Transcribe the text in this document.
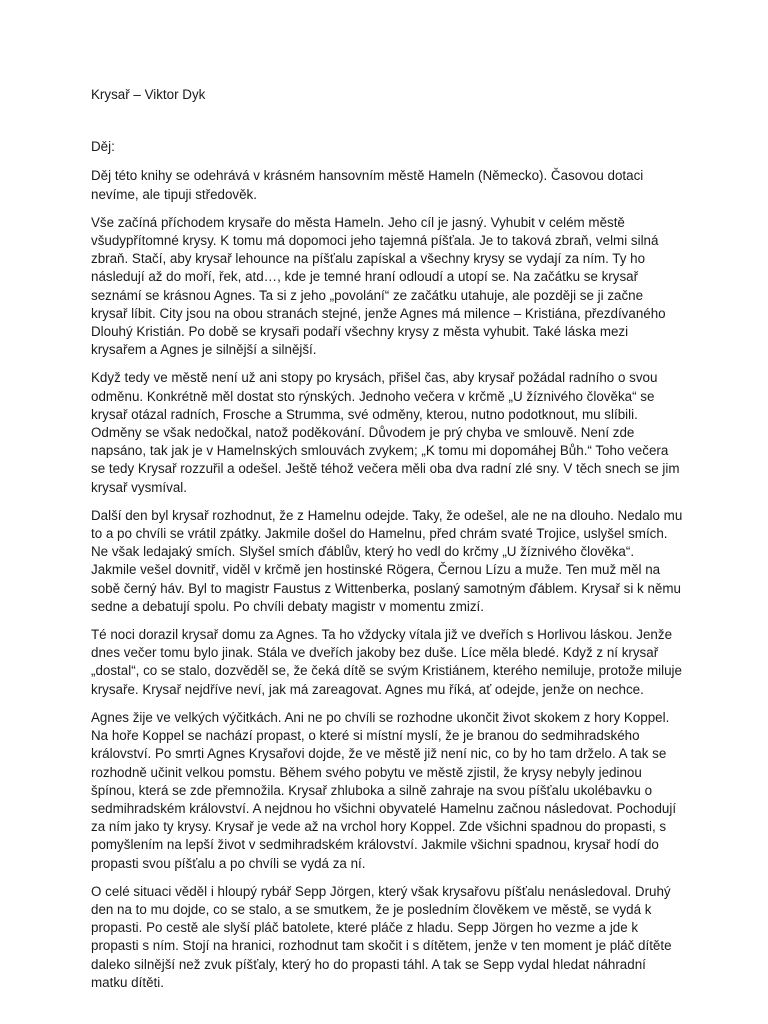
Krysař – Viktor Dyk

Děj:

Děj této knihy se odehrává v krásném hansovním městě Hameln (Německo). Časovou dotaci nevíme, ale tipuji středověk.

Vše začíná příchodem krysaře do města Hameln. Jeho cíl je jasný. Vyhubit v celém městě všudypřítomné krysy. K tomu má dopomoci jeho tajemná píšťala. Je to taková zbraň, velmi silná zbraň. Stačí, aby krysař lehounce na píšťalu zapískal a všechny krysy se vydají za ním. Ty ho následují až do moří, řek, atd…, kde je temné hraní odloudí a utopí se. Na začátku se krysař seznámí se krásnou Agnes. Ta si z jeho „povolání“ ze začátku utahuje, ale později se ji začne krysař líbit. City jsou na obou stranách stejné, jenže Agnes má milence – Kristiána, přezdívaného Dlouhý Kristián. Po době se krysaři podaří všechny krysy z města vyhubit. Také láska mezi krysařem a Agnes je silnější a silnější.

Když tedy ve městě není už ani stopy po krysách, přišel čas, aby krysař požádal radního o svou odměnu. Konkrétně měl dostat sto rýnských. Jednoho večera v krčmě „U žíznivého člověka“ se krysař otázal radních, Frosche a Strumma, své odměny, kterou, nutno podotknout, mu slíbili. Odměny se však nedočkal, natož poděkování. Důvodem je prý chyba ve smlouvě. Není zde napsáno, tak jak je v Hamelnských smlouvách zvykem; „K tomu mi dopomáhej Bůh.“ Toho večera se tedy Krysař rozzuřil a odešel. Ještě téhož večera měli oba dva radní zlé sny. V těch snech se jim krysař vysmíval.

Další den byl krysař rozhodnut, že z Hamelnu odejde. Taky, že odešel, ale ne na dlouho. Nedalo mu to a po chvíli se vrátil zpátky. Jakmile došel do Hamelnu, před chrám svaté Trojice, uslyšel smích. Ne však ledajaký smích. Slyšel smích ďáblův, který ho vedl do krčmy „U žíznivého člověka“. Jakmile vešel dovnitř, viděl v krčmě jen hostinské Rögera, Černou Lízu a muže. Ten muž měl na sobě černý háv. Byl to magistr Faustus z Wittenberka, poslaný samotným ďáblem. Krysař si k němu sedne a debatují spolu. Po chvíli debaty magistr v momentu zmizí.

Té noci dorazil krysař domu za Agnes. Ta ho vždycky vítala již ve dveřích s Horlivou láskou. Jenže dnes večer tomu bylo jinak. Stála ve dveřích jakoby bez duše. Líce měla bledé. Když z ní krysař „dostal“, co se stalo, dozvěděl se, že čeká dítě se svým Kristiánem, kterého nemiluje, protože miluje krysaře. Krysař nejdříve neví, jak má zareagovat. Agnes mu říká, ať odejde, jenže on nechce.

Agnes žije ve velkých výčitkách. Ani ne po chvíli se rozhodne ukončit život skokem z hory Koppel. Na hoře Koppel se nachází propast, o které si místní myslí, že je branou do sedmihradského království. Po smrti Agnes Krysařovi dojde, že ve městě již není nic, co by ho tam drželo. A tak se rozhodně učinit velkou pomstu. Během svého pobytu ve městě zjistil, že krysy nebyly jedinou špínou, která se zde přemnožila. Krysař zhluboka a silně zahraje na svou píšťalu ukolébavku o sedmihradském království. A nejdnou ho všichni obyvatelé Hamelnu začnou následovat. Pochodují za ním jako ty krysy. Krysař je vede až na vrchol hory Koppel. Zde všichni spadnou do propasti, s pomyšlením na lepší život v sedmihradském království. Jakmile všichni spadnou, krysař hodí do propasti svou píšťalu a po chvíli se vydá za ní.

O celé situaci věděl i hloupý rybář Sepp Jörgen, který však krysařovu píšťalu nenásledoval. Druhý den na to mu dojde, co se stalo, a se smutkem, že je posledním člověkem ve městě, se vydá k propasti. Po cestě ale slyší pláč batolete, které pláče z hladu. Sepp Jörgen ho vezme a jde k propasti s ním. Stojí na hranici, rozhodnut tam skočit i s dítětem, jenže v ten moment je pláč dítěte daleko silnější než zvuk píšťaly, který ho do propasti táhl. A tak se Sepp vydal hledat náhradní matku dítěti.
